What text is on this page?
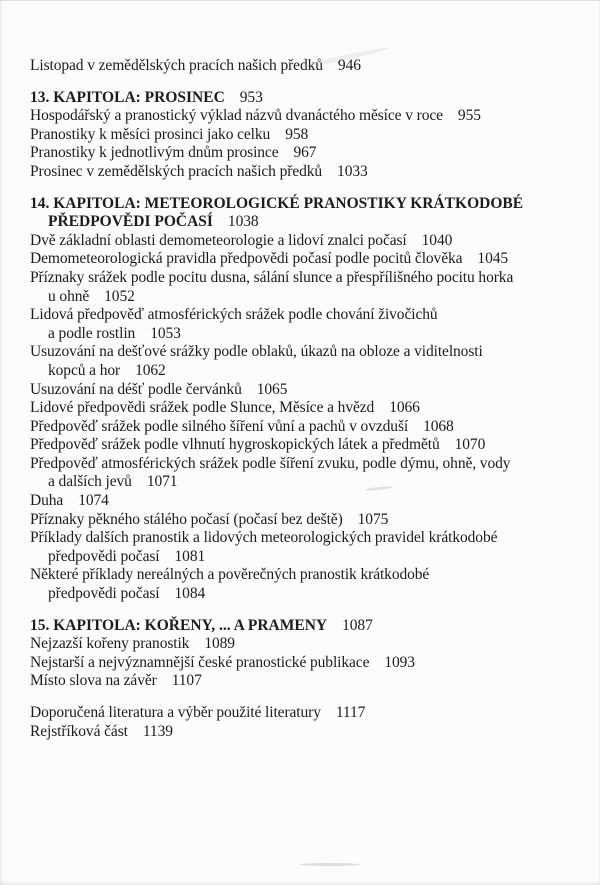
Listopad v zemědělských pracích našich předků 946
13. KAPITOLA: PROSINEC 953
Hospodářský a pranostický výklad názvů dvanáctého měsíce v roce 955
Pranostiky k měsíci prosinci jako celku 958
Pranostiky k jednotlivým dnům prosince 967
Prosinec v zemědělských pracích našich předků 1033
14. KAPITOLA: METEOROLOGICKÉ PRANOSTIKY KRÁTKODOBÉ
PŘEDPOVĚDI POČASÍ 1038
Dvě základní oblasti demometeorologie a lidoví znalci počasí 1040
Demometeorologická pravidla předpovědi počasí podle pocitů člověka 1045
Příznaky srážek podle pocitu dusna, sálání slunce a přespřílišného pocitu horka
u ohně 1052
Lidová předpověď atmosférických srážek podle chování živočichů
a podle rostlin 1053
Usuzování na dešťové srážky podle oblaků, úkazů na obloze a viditelnosti
kopců a hor 1062
Usuzování na déšť podle červánků 1065
Lidové předpovědi srážek podle Slunce, Měsíce a hvězd 1066
Předpověď srážek podle silného šíření vůní a pachů v ovzduší 1068
Předpověď srážek podle vlhnutí hygroskopických látek a předmětů 1070
Předpověď atmosférických srážek podle šíření zvuku, podle dýmu, ohně, vody
a dalších jevů 1071
Duha 1074
Příznaky pěkného stálého počasí (počasí bez deště) 1075
Příklady dalších pranostik a lidových meteorologických pravidel krátkodobé
předpovědi počasí 1081
Některé příklady nereálných a pověrečných pranostik krátkodobé
předpovědi počasí 1084
15. KAPITOLA: KOŘENY, ... A PRAMENY 1087
Nejzazší kořeny pranostik 1089
Nejstarší a nejvýznamnější české pranostické publikace 1093
Místo slova na závěr 1107
Doporučená literatura a výběr použité literatury 1117
Rejstříková část 1139
